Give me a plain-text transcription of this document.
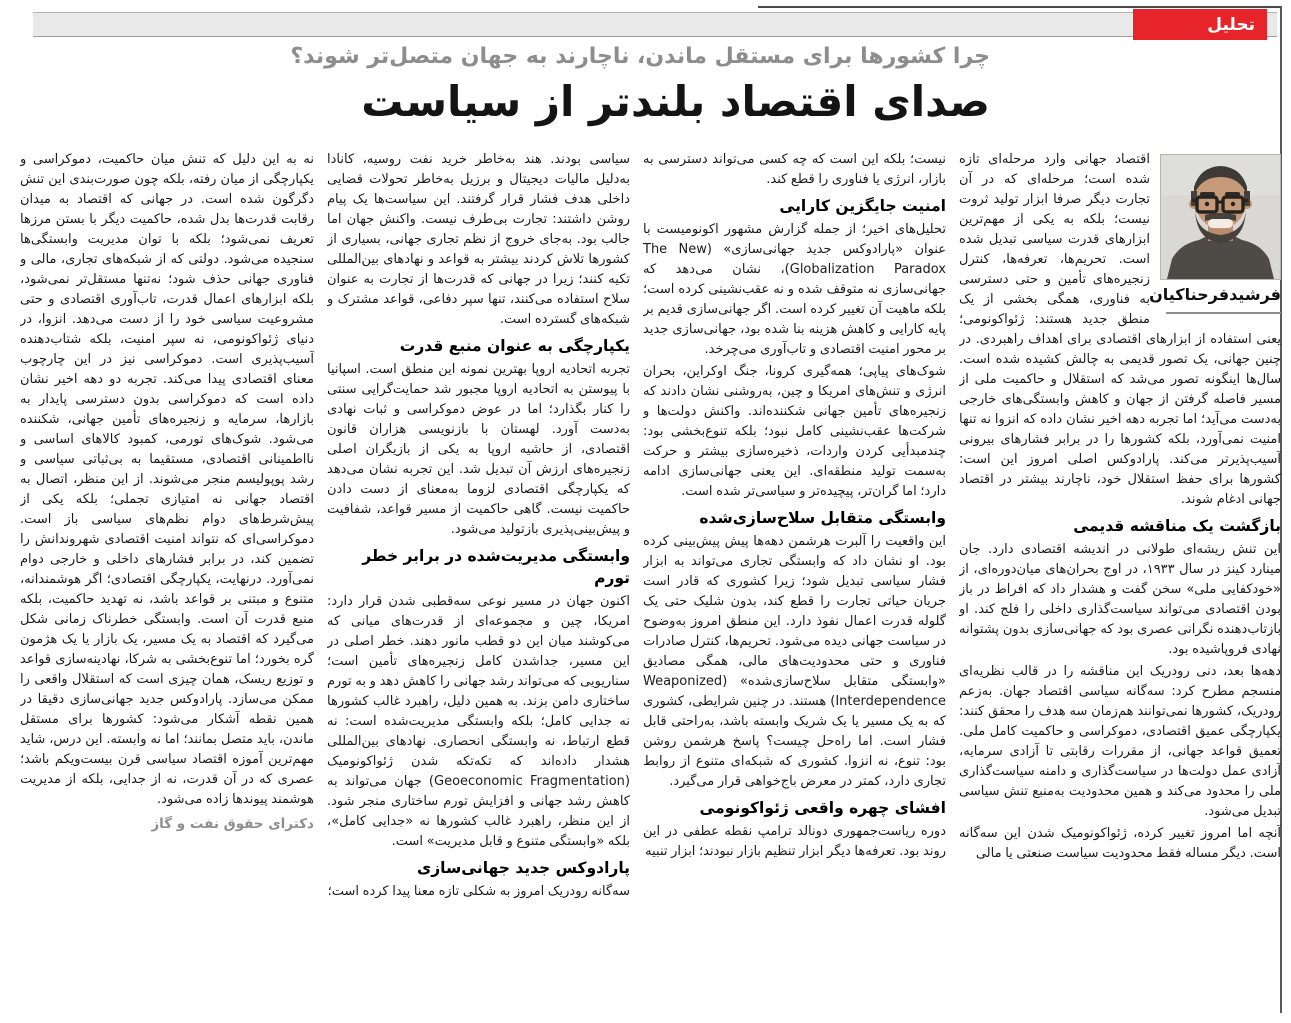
تحلیل
چرا کشورها برای مستقل ماندن، ناچارند به جهان متصل‌تر شوند؟
صدای اقتصاد بلندتر از سیاست
فرشیدفرحناکیان

اقتصاد جهانی وارد مرحله‌ای تازه شده است؛ مرحله‌ای که در آن تجارت دیگر صرفا ابزار تولید ثروت نیست؛ بلکه به یکی از مهم‌ترین ابزارهای قدرت سیاسی تبدیل شده است. تحریم‌ها، تعرفه‌ها، کنترل زنجیره‌های تأمین و حتی دسترسی به فناوری، همگی بخشی از یک منطق جدید هستند: ژئواکونومی؛ یعنی استفاده از ابزارهای اقتصادی برای اهداف راهبردی. در چنین جهانی، یک تصور قدیمی به چالش کشیده شده است. سال‌ها اینگونه تصور می‌شد که استقلال و حاکمیت ملی از مسیر فاصله گرفتن از جهان و کاهش وابستگی‌های خارجی به‌دست می‌آید؛ اما تجربه دهه اخیر نشان داده که انزوا نه تنها امنیت نمی‌آورد، بلکه کشورها را در برابر فشارهای بیرونی آسیب‌پذیرتر می‌کند. پارادوکس اصلی امروز این است: کشورها برای حفظ استقلال خود، ناچارند بیشتر در اقتصاد جهانی ادغام شوند.

بازگشت یک مناقشه قدیمی

این تنش ریشه‌ای طولانی در اندیشه اقتصادی دارد. جان مینارد کینز در سال ۱۹۳۳، در اوج بحران‌های میان‌دوره‌ای، از «خودکفایی ملی» سخن گفت و هشدار داد که افراط در باز بودن اقتصادی می‌تواند سیاست‌گذاری داخلی را فلج کند. او بازتاب‌دهنده نگرانی عصری بود که جهانی‌سازی بدون پشتوانه نهادی فروپاشیده بود.

دهه‌ها بعد، دنی رودریک این مناقشه را در قالب نظریه‌ای منسجم مطرح کرد: سه‌گانه سیاسی اقتصاد جهان. به‌زعم رودریک، کشورها نمی‌توانند هم‌زمان سه هدف را محقق کنند: یکپارچگی عمیق اقتصادی، دموکراسی و حاکمیت کامل ملی. تعمیق قواعد جهانی، از مقررات رقابتی تا آزادی سرمایه، آزادی عمل دولت‌ها در سیاست‌گذاری و دامنه سیاست‌گذاری ملی را محدود می‌کند و همین محدودیت به‌منبع تنش سیاسی تبدیل می‌شود.

آنچه اما امروز تغییر کرده، ژئواکونومیک شدن این سه‌گانه است. دیگر مساله فقط محدودیت سیاست صنعتی یا مالی

نیست؛ بلکه این است که چه کسی می‌تواند دسترسی به بازار، انرژی یا فناوری را قطع کند.

امنیت جایگزین کارایی

تحلیل‌های اخیر؛ از جمله گزارش مشهور اکونومیست با عنوان «پارادوکس جدید جهانی‌سازی» (The New Globalization Paradox)، نشان می‌دهد که جهانی‌سازی نه متوقف شده و نه عقب‌نشینی کرده است؛ بلکه ماهیت آن تغییر کرده است. اگر جهانی‌سازی قدیم بر پایه کارایی و کاهش هزینه بنا شده بود، جهانی‌سازی جدید بر محور امنیت اقتصادی و تاب‌آوری می‌چرخد.

شوک‌های پیاپی؛ همه‌گیری کرونا، جنگ اوکراین، بحران انرژی و تنش‌های امریکا و چین، به‌روشنی نشان دادند که زنجیره‌های تأمین جهانی شکننده‌اند. واکنش دولت‌ها و شرکت‌ها عقب‌نشینی کامل نبود؛ بلکه تنوع‌بخشی بود: چندمبدأیی کردن واردات، ذخیره‌سازی بیشتر و حرکت به‌سمت تولید منطقه‌ای. این یعنی جهانی‌سازی ادامه دارد؛ اما گران‌تر، پیچیده‌تر و سیاسی‌تر شده است.

وابستگی متقابل سلاح‌سازی‌شده

این واقعیت را آلبرت هرشمن دهه‌ها پیش پیش‌بینی کرده بود. او نشان داد که وابستگی تجاری می‌تواند به ابزار فشار سیاسی تبدیل شود؛ زیرا کشوری که قادر است جریان حیاتی تجارت را قطع کند، بدون شلیک حتی یک گلوله قدرت اعمال نفوذ دارد. این منطق امروز به‌وضوح در سیاست جهانی دیده می‌شود. تحریم‌ها، کنترل صادرات فناوری و حتی محدودیت‌های مالی، همگی مصادیق «وابستگی متقابل سلاح‌سازی‌شده» (Weaponized Interdependence) هستند. در چنین شرایطی، کشوری که به یک مسیر یا یک شریک وابسته باشد، به‌راحتی قابل فشار است. اما راه‌حل چیست؟ پاسخ هرشمن روشن بود: تنوع، نه انزوا. کشوری که شبکه‌ای متنوع از روابط تجاری دارد، کمتر در معرض باج‌خواهی قرار می‌گیرد.

افشای چهره واقعی ژئواکونومی

دوره ریاست‌جمهوری دونالد ترامپ نقطه عطفی در این روند بود. تعرفه‌ها دیگر ابزار تنظیم بازار نبودند؛ ابزار تنبیه

سیاسی بودند. هند به‌خاطر خرید نفت روسیه، کانادا به‌دلیل مالیات دیجیتال و برزیل به‌خاطر تحولات قضایی داخلی هدف فشار قرار گرفتند. این سیاست‌ها یک پیام روشن داشتند: تجارت بی‌طرف نیست. واکنش جهان اما جالب بود. به‌جای خروج از نظم تجاری جهانی، بسیاری از کشورها تلاش کردند بیشتر به قواعد و نهادهای بین‌المللی تکیه کنند؛ زیرا در جهانی که قدرت‌ها از تجارت به عنوان سلاح استفاده می‌کنند، تنها سپر دفاعی، قواعد مشترک و شبکه‌های گسترده است.

یکپارچگی به عنوان منبع قدرت

تجربه اتحادیه اروپا بهترین نمونه این منطق است. اسپانیا با پیوستن به اتحادیه اروپا مجبور شد حمایت‌گرایی سنتی را کنار بگذارد؛ اما در عوض دموکراسی و ثبات نهادی به‌دست آورد. لهستان با بازنویسی هزاران قانون اقتصادی، از حاشیه اروپا به یکی از بازیگران اصلی زنجیره‌های ارزش آن تبدیل شد. این تجربه نشان می‌دهد که یکپارچگی اقتصادی لزوما به‌معنای از دست دادن حاکمیت نیست. گاهی حاکمیت از مسیر قواعد، شفافیت و پیش‌بینی‌پذیری بازتولید می‌شود.

وابستگی مدیریت‌شده در برابر خطر تورم

اکنون جهان در مسیر نوعی سه‌قطبی شدن قرار دارد: امریکا، چین و مجموعه‌ای از قدرت‌های میانی که می‌کوشند میان این دو قطب مانور دهند. خطر اصلی در این مسیر، جداشدن کامل زنجیره‌های تأمین است؛ سناریویی که می‌تواند رشد جهانی را کاهش دهد و به تورم ساختاری دامن بزند. به همین دلیل، راهبرد غالب کشورها نه جدایی کامل؛ بلکه وابستگی مدیریت‌شده است: نه قطع ارتباط، نه وابستگی انحصاری. نهادهای بین‌المللی هشدار داده‌اند که تکه‌تکه شدن ژئواکونومیک (Geoeconomic Fragmentation) جهان می‌تواند به کاهش رشد جهانی و افزایش تورم ساختاری منجر شود. از این منظر، راهبرد غالب کشورها نه «جدایی کامل»، بلکه «وابستگی متنوع و قابل مدیریت» است.

پارادوکس جدید جهانی‌سازی

سه‌گانه رودریک امروز به شکلی تازه معنا پیدا کرده است؛

نه به این دلیل که تنش میان حاکمیت، دموکراسی و یکپارچگی از میان رفته، بلکه چون صورت‌بندی این تنش دگرگون شده است. در جهانی که اقتصاد به میدان رقابت قدرت‌ها بدل شده، حاکمیت دیگر با بستن مرزها تعریف نمی‌شود؛ بلکه با توان مدیریت وابستگی‌ها سنجیده می‌شود. دولتی که از شبکه‌های تجاری، مالی و فناوری جهانی حذف شود؛ نه‌تنها مستقل‌تر نمی‌شود، بلکه ابزارهای اعمال قدرت، تاب‌آوری اقتصادی و حتی مشروعیت سیاسی خود را از دست می‌دهد. انزوا، در دنیای ژئواکونومی، نه سپر امنیت، بلکه شتاب‌دهنده آسیب‌پذیری است. دموکراسی نیز در این چارچوب معنای اقتصادی پیدا می‌کند. تجربه دو دهه اخیر نشان داده است که دموکراسی بدون دسترسی پایدار به بازارها، سرمایه و زنجیره‌های تأمین جهانی، شکننده می‌شود. شوک‌های تورمی، کمبود کالاهای اساسی و نااطمینانی اقتصادی، مستقیما به بی‌ثباتی سیاسی و رشد پوپولیسم منجر می‌شوند. از این منظر، اتصال به اقتصاد جهانی نه امتیازی تجملی؛ بلکه یکی از پیش‌شرط‌های دوام نظم‌های سیاسی باز است. دموکراسی‌ای که نتواند امنیت اقتصادی شهروندانش را تضمین کند، در برابر فشارهای داخلی و خارجی دوام نمی‌آورد. درنهایت، یکپارچگی اقتصادی؛ اگر هوشمندانه، متنوع و مبتنی بر قواعد باشد، نه تهدید حاکمیت، بلکه منبع قدرت آن است. وابستگی خطرناک زمانی شکل می‌گیرد که اقتصاد به یک مسیر، یک بازار یا یک هژمون گره بخورد؛ اما تنوع‌بخشی به شرکا، نهادینه‌سازی قواعد و توزیع ریسک، همان چیزی است که استقلال واقعی را ممکن می‌سازد. پارادوکس جدید جهانی‌سازی دقیقا در همین نقطه آشکار می‌شود: کشورها برای مستقل ماندن، باید متصل بمانند؛ اما نه وابسته. این درس، شاید مهم‌ترین آموزه اقتصاد سیاسی قرن بیست‌ویکم باشد؛ عصری که در آن قدرت، نه از جدایی، بلکه از مدیریت هوشمند پیوندها زاده می‌شود.

دکترای حقوق نفت و گاز
